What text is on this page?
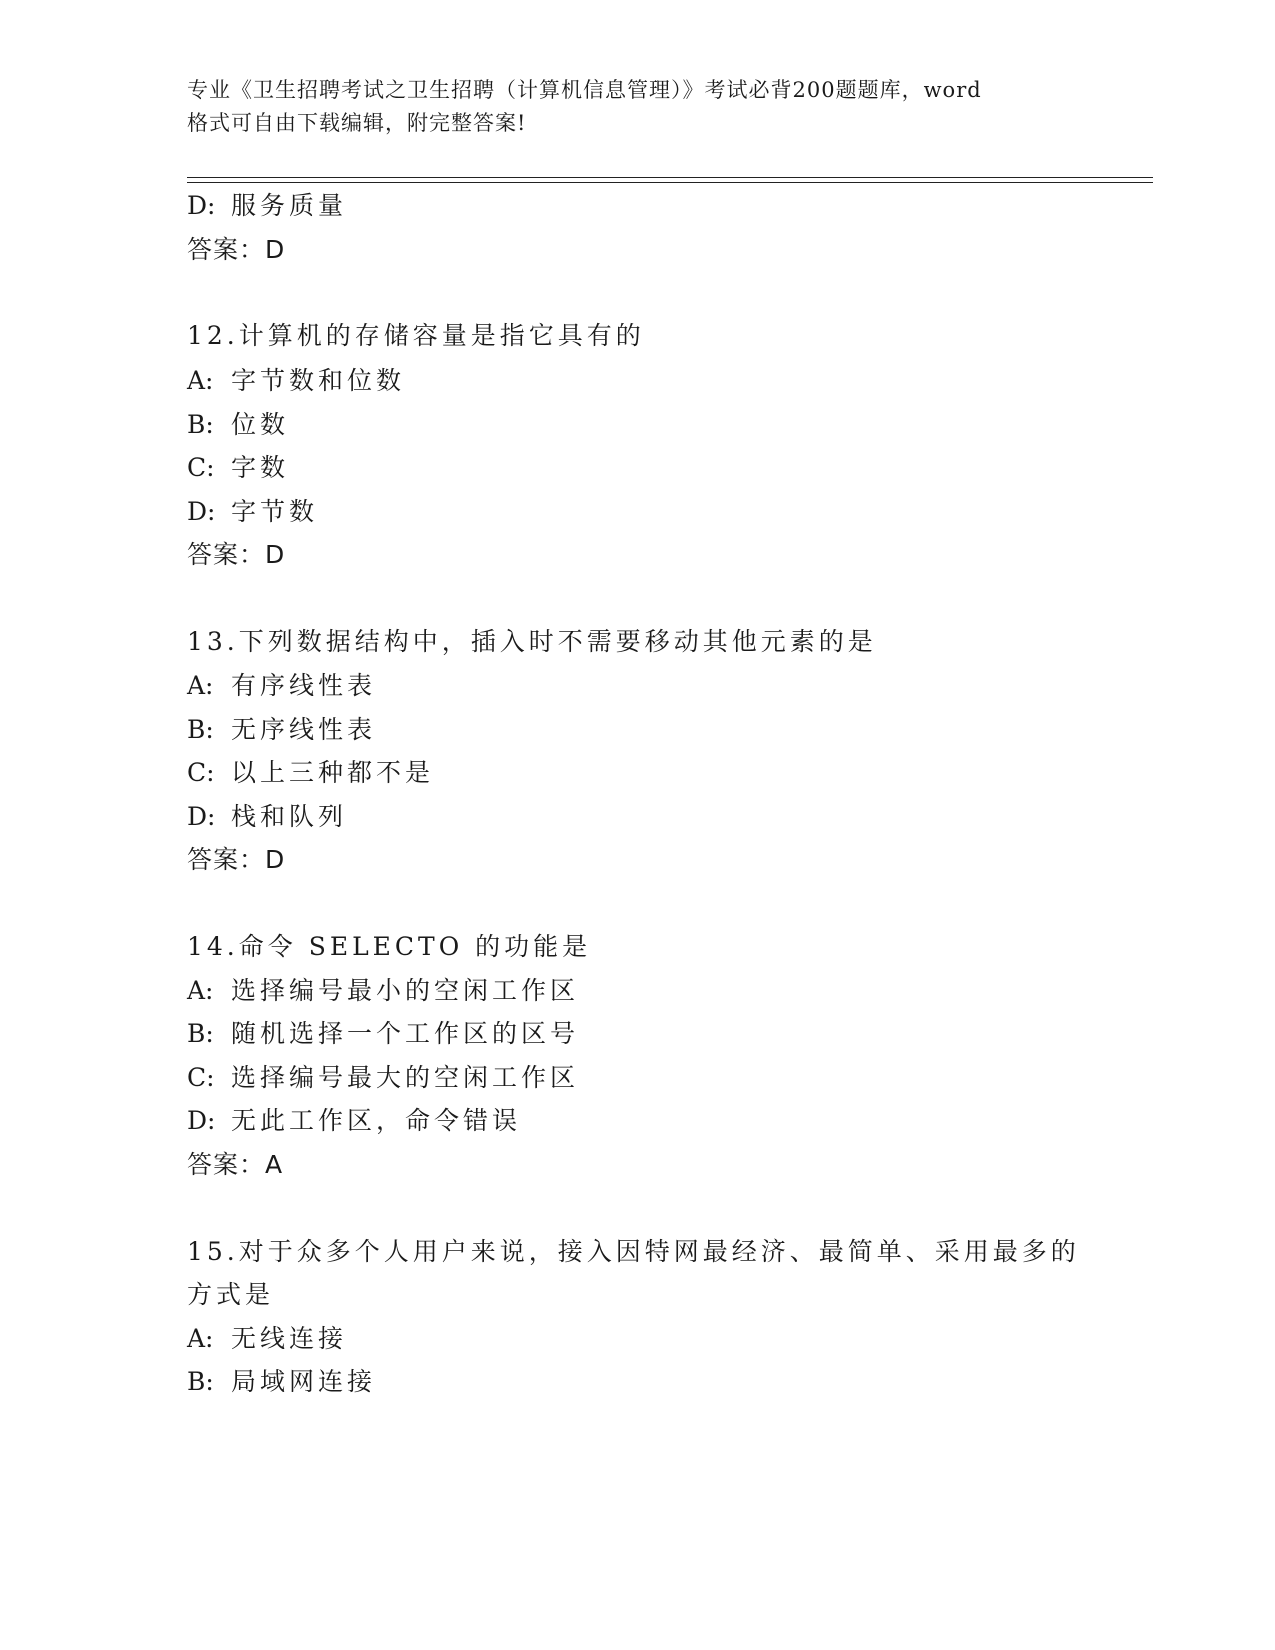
专业《卫生招聘考试之卫生招聘（计算机信息管理）》考试必背200题题库，word
格式可自由下载编辑，附完整答案!
D: 服务质量
答案：D
12.计算机的存储容量是指它具有的
A: 字节数和位数
B: 位数
C: 字数
D: 字节数
答案：D
13.下列数据结构中，插入时不需要移动其他元素的是
A: 有序线性表
B: 无序线性表
C: 以上三种都不是
D: 栈和队列
答案：D
14.命令 SELECTO 的功能是
A: 选择编号最小的空闲工作区
B: 随机选择一个工作区的区号
C: 选择编号最大的空闲工作区
D: 无此工作区，命令错误
答案：A
15.对于众多个人用户来说，接入因特网最经济、最简单、采用最多的
方式是
A: 无线连接
B: 局域网连接
